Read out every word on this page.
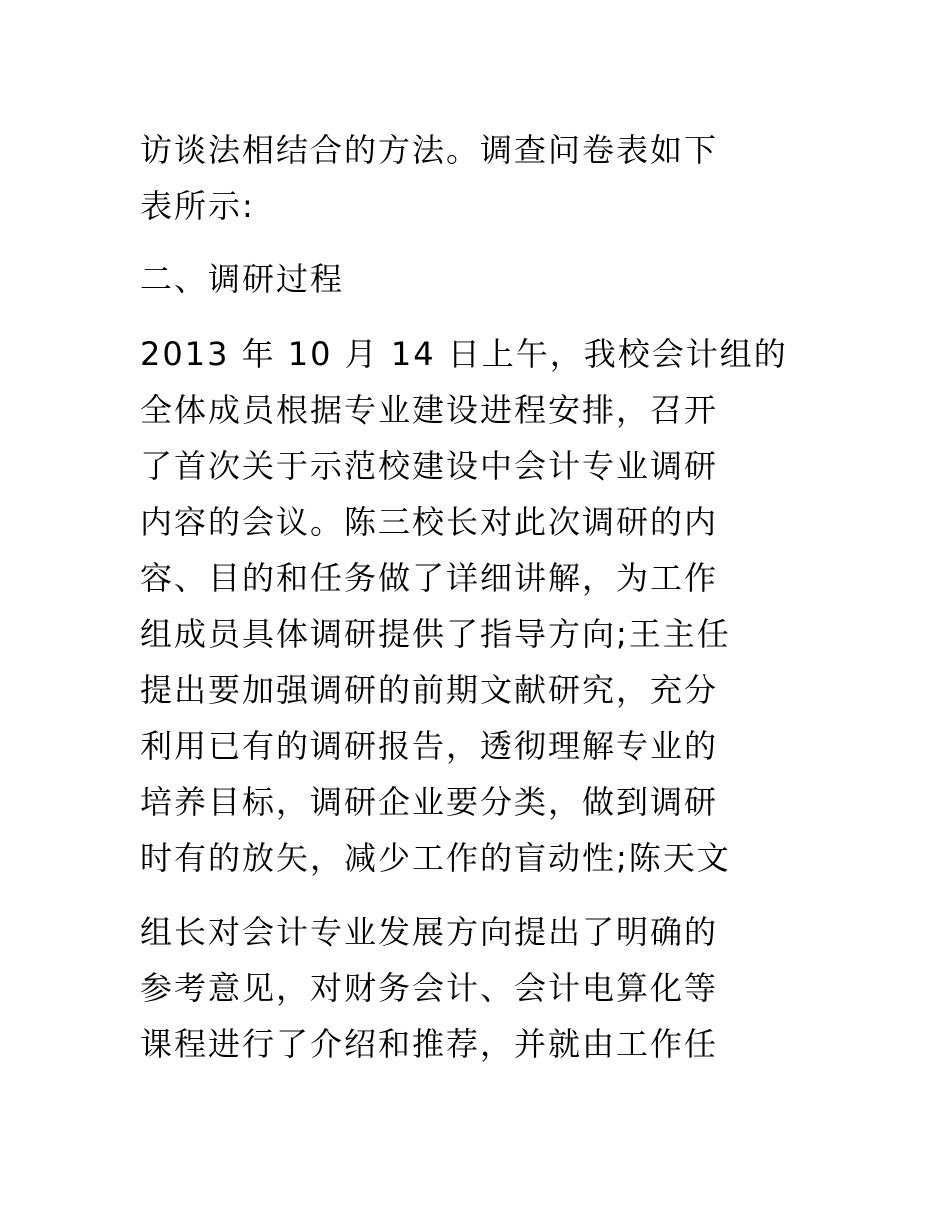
访谈法相结合的方法。调查问卷表如下
表所示:
二、调研过程
2013 年 10 月 14 日上午，我校会计组的
全体成员根据专业建设进程安排，召开
了首次关于示范校建设中会计专业调研
内容的会议。陈三校长对此次调研的内
容、目的和任务做了详细讲解，为工作
组成员具体调研提供了指导方向;王主任
提出要加强调研的前期文献研究，充分
利用已有的调研报告，透彻理解专业的
培养目标，调研企业要分类，做到调研
时有的放矢，减少工作的盲动性;陈天文
组长对会计专业发展方向提出了明确的
参考意见，对财务会计、会计电算化等
课程进行了介绍和推荐，并就由工作任
